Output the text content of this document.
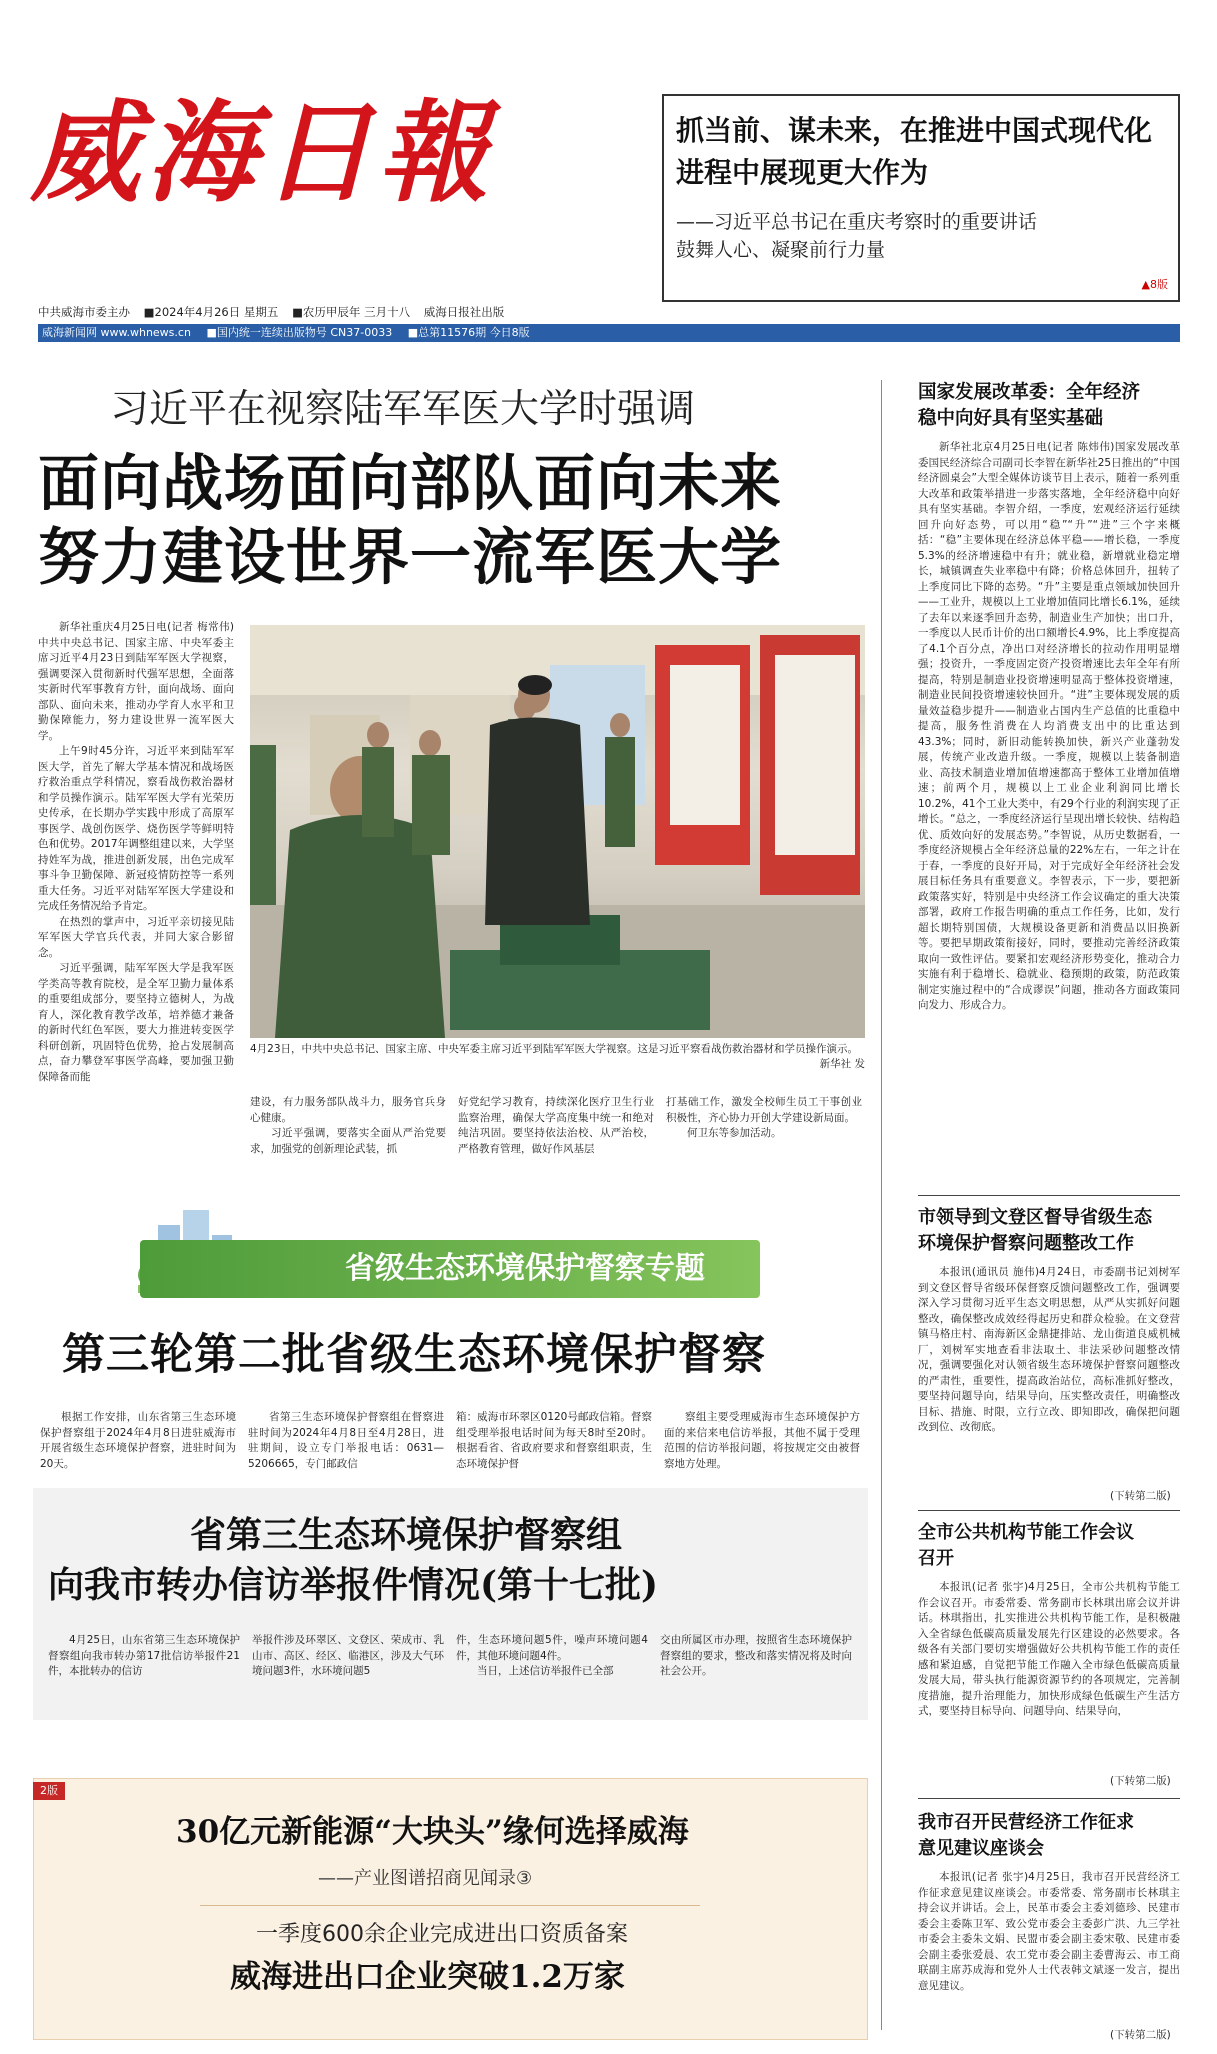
威海日報	抓当前、谋未来，在推进中国式现代化进程中展现更大作为
——习近平总书记在重庆考察时的重要讲话
鼓舞人心、凝聚前行力量
▲8版
中共威海市委主办 ■2024年4月26日 星期五 ■农历甲辰年 三月十八 威海日报社出版
威海新闻网 www.whnews.cn ■国内统一连续出版物号 CN37-0033 ■总第11576期 今日8版
习近平在视察陆军军医大学时强调
面向战场面向部队面向未来
努力建设世界一流军医大学

新华社重庆4月25日电(记者 梅常伟)中共中央总书记、国家主席、中央军委主席习近平4月23日到陆军军医大学视察，强调要深入贯彻新时代强军思想，全面落实新时代军事教育方针，面向战场、面向部队、面向未来，推动办学育人水平和卫勤保障能力，努力建设世界一流军医大学。

上午9时45分许，习近平来到陆军军医大学，首先了解大学基本情况和战场医疗救治重点学科情况，察看战伤救治器材和学员操作演示。陆军军医大学有光荣历史传承，在长期办学实践中形成了高原军事医学、战创伤医学、烧伤医学等鲜明特色和优势。2017年调整组建以来，大学坚持姓军为战，推进创新发展，出色完成军事斗争卫勤保障、新冠疫情防控等一系列重大任务。习近平对陆军军医大学建设和完成任务情况给予肯定。

在热烈的掌声中，习近平亲切接见陆军军医大学官兵代表，并同大家合影留念。

习近平强调，陆军军医大学是我军医学类高等教育院校，是全军卫勤力量体系的重要组成部分，要坚持立德树人，为战育人，深化教育教学改革，培养德才兼备的新时代红色军医，要大力推进转变医学科研创新，巩固特色优势，抢占发展制高点，奋力攀登军事医学高峰，要加强卫勤保障备而能

4月23日，中共中央总书记、国家主席、中央军委主席习近平到陆军军医大学视察。这是习近平察看战伤救治器材和学员操作演示。
新华社 发

建设，有力服务部队战斗力，服务官兵身心健康。

习近平强调，要落实全面从严治党要求，加强党的创新理论武装，抓

好党纪学习教育，持续深化医疗卫生行业监察治理，确保大学高度集中统一和绝对纯洁巩固。要坚持依法治校、从严治校，严格教育管理，做好作风基层

打基础工作，激发全校师生员工干事创业积极性，齐心协力开创大学建设新局面。

何卫东等参加活动。

省级生态环境保护督察专题
第三轮第二批省级生态环境保护督察

根据工作安排，山东省第三生态环境保护督察组于2024年4月8日进驻威海市开展省级生态环境保护督察，进驻时间为20天。

省第三生态环境保护督察组在督察进驻时间为2024年4月8日至4月28日，进驻期间，设立专门举报电话：0631—5206665，专门邮政信

箱：威海市环翠区0120号邮政信箱。督察组受理举报电话时间为每天8时至20时。根据看省、省政府要求和督察组职责，生态环境保护督

察组主要受理威海市生态环境保护方面的来信来电信访举报，其他不属于受理范围的信访举报问题，将按规定交由被督察地方处理。

省第三生态环境保护督察组
向我市转办信访举报件情况(第十七批)

4月25日，山东省第三生态环境保护督察组向我市转办第17批信访举报件21件，本批转办的信访

举报件涉及环翠区、文登区、荣成市、乳山市、高区、经区、临港区，涉及大气环境问题3件，水环境问题5

件，生态环境问题5件，噪声环境问题4件，其他环境问题4件。

当日，上述信访举报件已全部

交由所属区市办理，按照省生态环境保护督察组的要求，整改和落实情况将及时向社会公开。

2版
30亿元新能源“大块头”缘何选择威海
——产业图谱招商见闻录③
一季度600余企业完成进出口资质备案
威海进出口企业突破1.2万家
国家发展改革委：全年经济
稳中向好具有坚实基础

新华社北京4月25日电(记者 陈炜伟)国家发展改革委国民经济综合司副司长李智在新华社25日推出的“中国经济圆桌会”大型全媒体访谈节目上表示，随着一系列重大改革和政策举措进一步落实落地，全年经济稳中向好具有坚实基础。李智介绍，一季度，宏观经济运行延续回升向好态势，可以用“稳”“升”“进”三个字来概括：“稳”主要体现在经济总体平稳——增长稳，一季度5.3%的经济增速稳中有升；就业稳，新增就业稳定增长，城镇调查失业率稳中有降；价格总体回升，扭转了上季度同比下降的态势。“升”主要是重点领域加快回升——工业升，规模以上工业增加值同比增长6.1%，延续了去年以来逐季回升态势，制造业生产加快；出口升，一季度以人民币计价的出口额增长4.9%，比上季度提高了4.1个百分点，净出口对经济增长的拉动作用明显增强；投资升，一季度固定资产投资增速比去年全年有所提高，特别是制造业投资增速明显高于整体投资增速，制造业民间投资增速较快回升。“进”主要体现发展的质量效益稳步提升——制造业占国内生产总值的比重稳中提高，服务性消费在人均消费支出中的比重达到43.3%；同时，新旧动能转换加快，新兴产业蓬勃发展，传统产业改造升级。一季度，规模以上装备制造业、高技术制造业增加值增速都高于整体工业增加值增速；前两个月，规模以上工业企业利润同比增长10.2%，41个工业大类中，有29个行业的利润实现了正增长。“总之，一季度经济运行呈现出增长较快、结构趋优、质效向好的发展态势。”李智说，从历史数据看，一季度经济规模占全年经济总量的22%左右，一年之计在于春，一季度的良好开局，对于完成好全年经济社会发展目标任务具有重要意义。李智表示，下一步，要把新政策落实好，特别是中央经济工作会议确定的重大决策部署，政府工作报告明确的重点工作任务，比如，发行超长期特别国债，大规模设备更新和消费品以旧换新等。要把早期政策衔接好，同时，要推动完善经济政策取向一致性评估。要紧扣宏观经济形势变化，推动合力实施有利于稳增长、稳就业、稳预期的政策，防范政策制定实施过程中的“合成谬误”问题，推动各方面政策同向发力、形成合力。

市领导到文登区督导省级生态
环境保护督察问题整改工作

本报讯(通讯员 施伟)4月24日，市委副书记刘树军到文登区督导省级环保督察反馈问题整改工作，强调要深入学习贯彻习近平生态文明思想，从严从实抓好问题整改，确保整改成效经得起历史和群众检验。在文登营镇马格庄村、南海新区金鼎捷排站、龙山街道良威机械厂，刘树军实地查看非法取土、非法采砂问题整改情况，强调要强化对认领省级生态环境保护督察问题整改的严肃性，重要性，提高政治站位，高标准抓好整改，要坚持问题导向，结果导向，压实整改责任，明确整改目标、措施、时限，立行立改、即知即改，确保把问题改到位、改彻底。

(下转第二版)
全市公共机构节能工作会议
召开

本报讯(记者 张宇)4月25日，全市公共机构节能工作会议召开。市委常委、常务副市长林琪出席会议并讲话。林琪指出，扎实推进公共机构节能工作，是积极融入全省绿色低碳高质量发展先行区建设的必然要求。各级各有关部门要切实增强做好公共机构节能工作的责任感和紧迫感，自觉把节能工作融入全市绿色低碳高质量发展大局，带头执行能源资源节约的各项规定，完善制度措施，提升治理能力，加快形成绿色低碳生产生活方式，要坚持目标导向、问题导向、结果导向，

(下转第二版)
我市召开民营经济工作征求
意见建议座谈会

本报讯(记者 张宇)4月25日，我市召开民营经济工作征求意见建议座谈会。市委常委、常务副市长林琪主持会议并讲话。会上，民革市委会主委刘德珍、民建市委会主委陈卫军、致公党市委会主委彭广洪、九三学社市委会主委朱文娟、民盟市委会副主委宋敬、民建市委会副主委张爱晨、农工党市委会副主委曹海云、市工商联副主席苏成海和党外人士代表韩文斌逐一发言，提出意见建议。

(下转第二版)
